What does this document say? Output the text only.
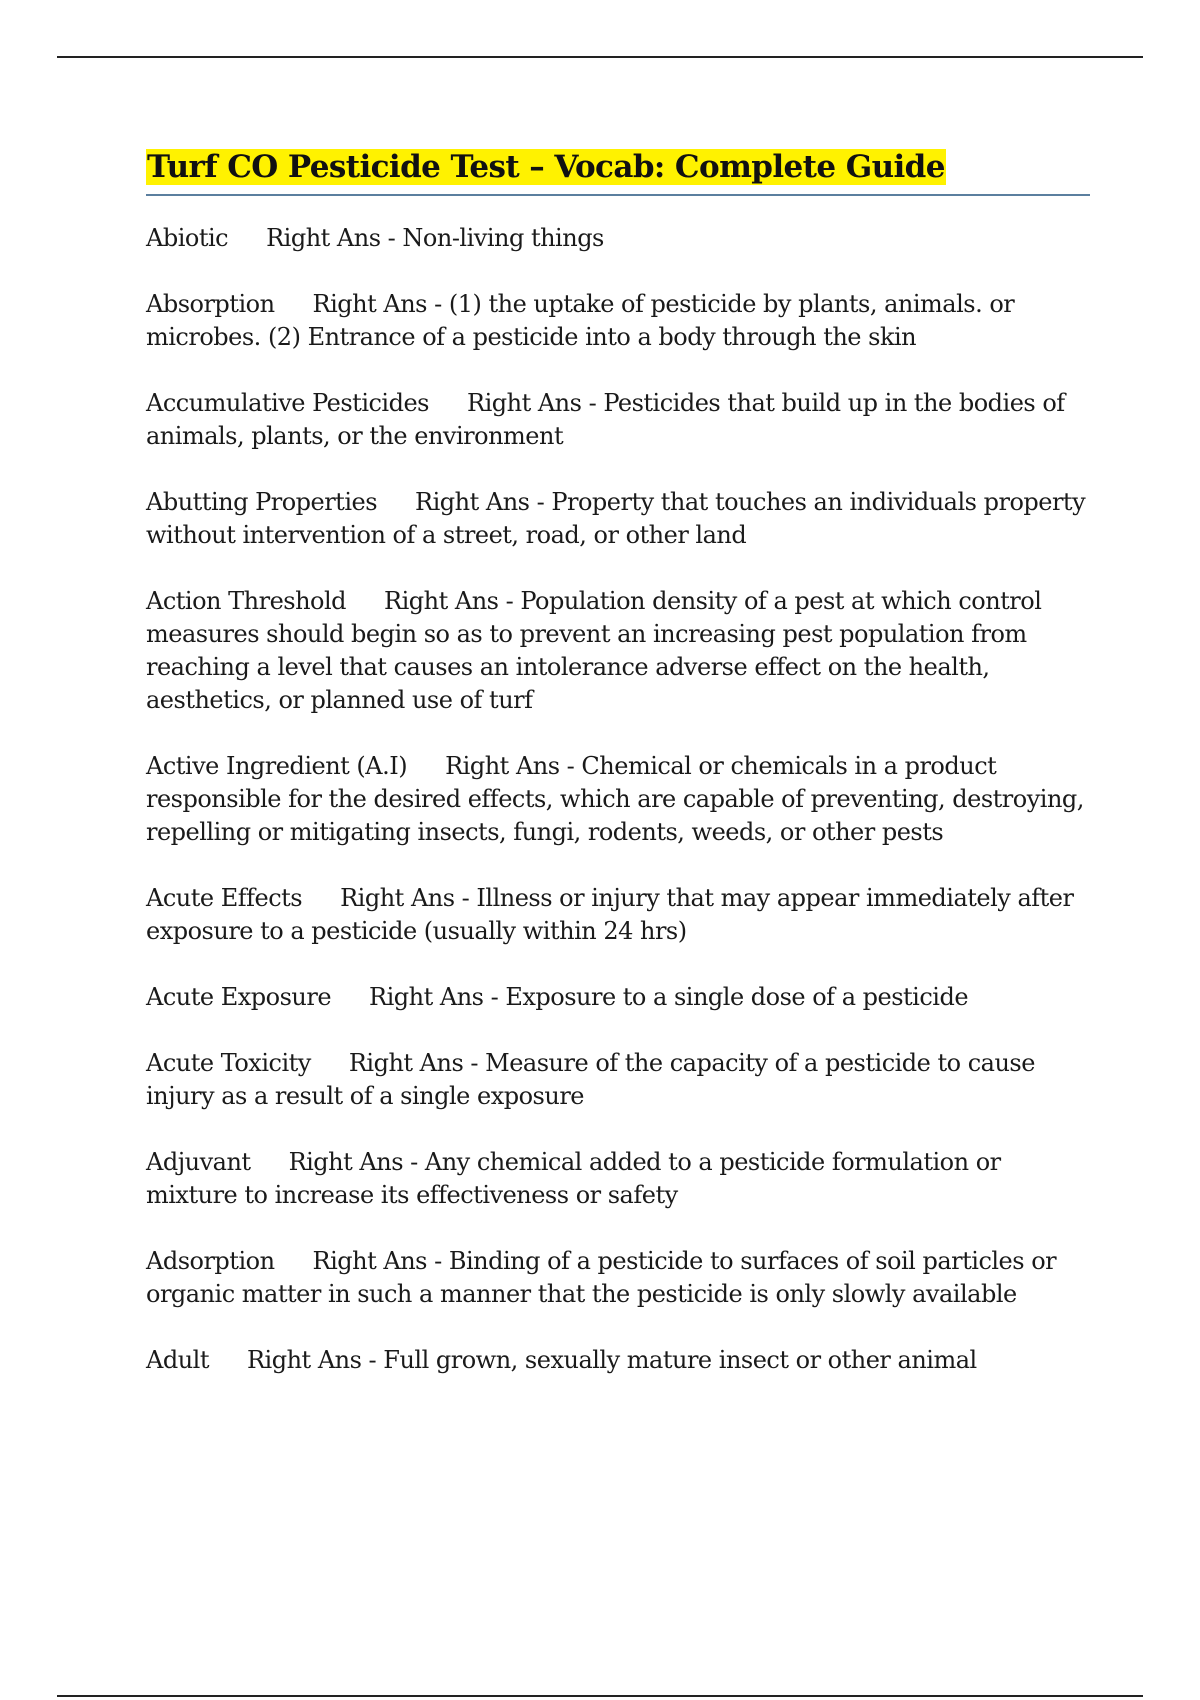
Turf CO Pesticide Test – Vocab: Complete Guide

Abiotic Right Ans - Non-living things

Absorption Right Ans - (1) the uptake of pesticide by plants, animals. or microbes. (2) Entrance of a pesticide into a body through the skin

Accumulative Pesticides Right Ans - Pesticides that build up in the bodies of animals, plants, or the environment

Abutting Properties Right Ans - Property that touches an individuals property without intervention of a street, road, or other land

Action Threshold Right Ans - Population density of a pest at which control measures should begin so as to prevent an increasing pest population from reaching a level that causes an intolerance adverse effect on the health, aesthetics, or planned use of turf

Active Ingredient (A.I) Right Ans - Chemical or chemicals in a product responsible for the desired effects, which are capable of preventing, destroying, repelling or mitigating insects, fungi, rodents, weeds, or other pests

Acute Effects Right Ans - Illness or injury that may appear immediately after exposure to a pesticide (usually within 24 hrs)

Acute Exposure Right Ans - Exposure to a single dose of a pesticide

Acute Toxicity Right Ans - Measure of the capacity of a pesticide to cause injury as a result of a single exposure

Adjuvant Right Ans - Any chemical added to a pesticide formulation or mixture to increase its effectiveness or safety

Adsorption Right Ans - Binding of a pesticide to surfaces of soil particles or organic matter in such a manner that the pesticide is only slowly available

Adult Right Ans - Full grown, sexually mature insect or other animal
